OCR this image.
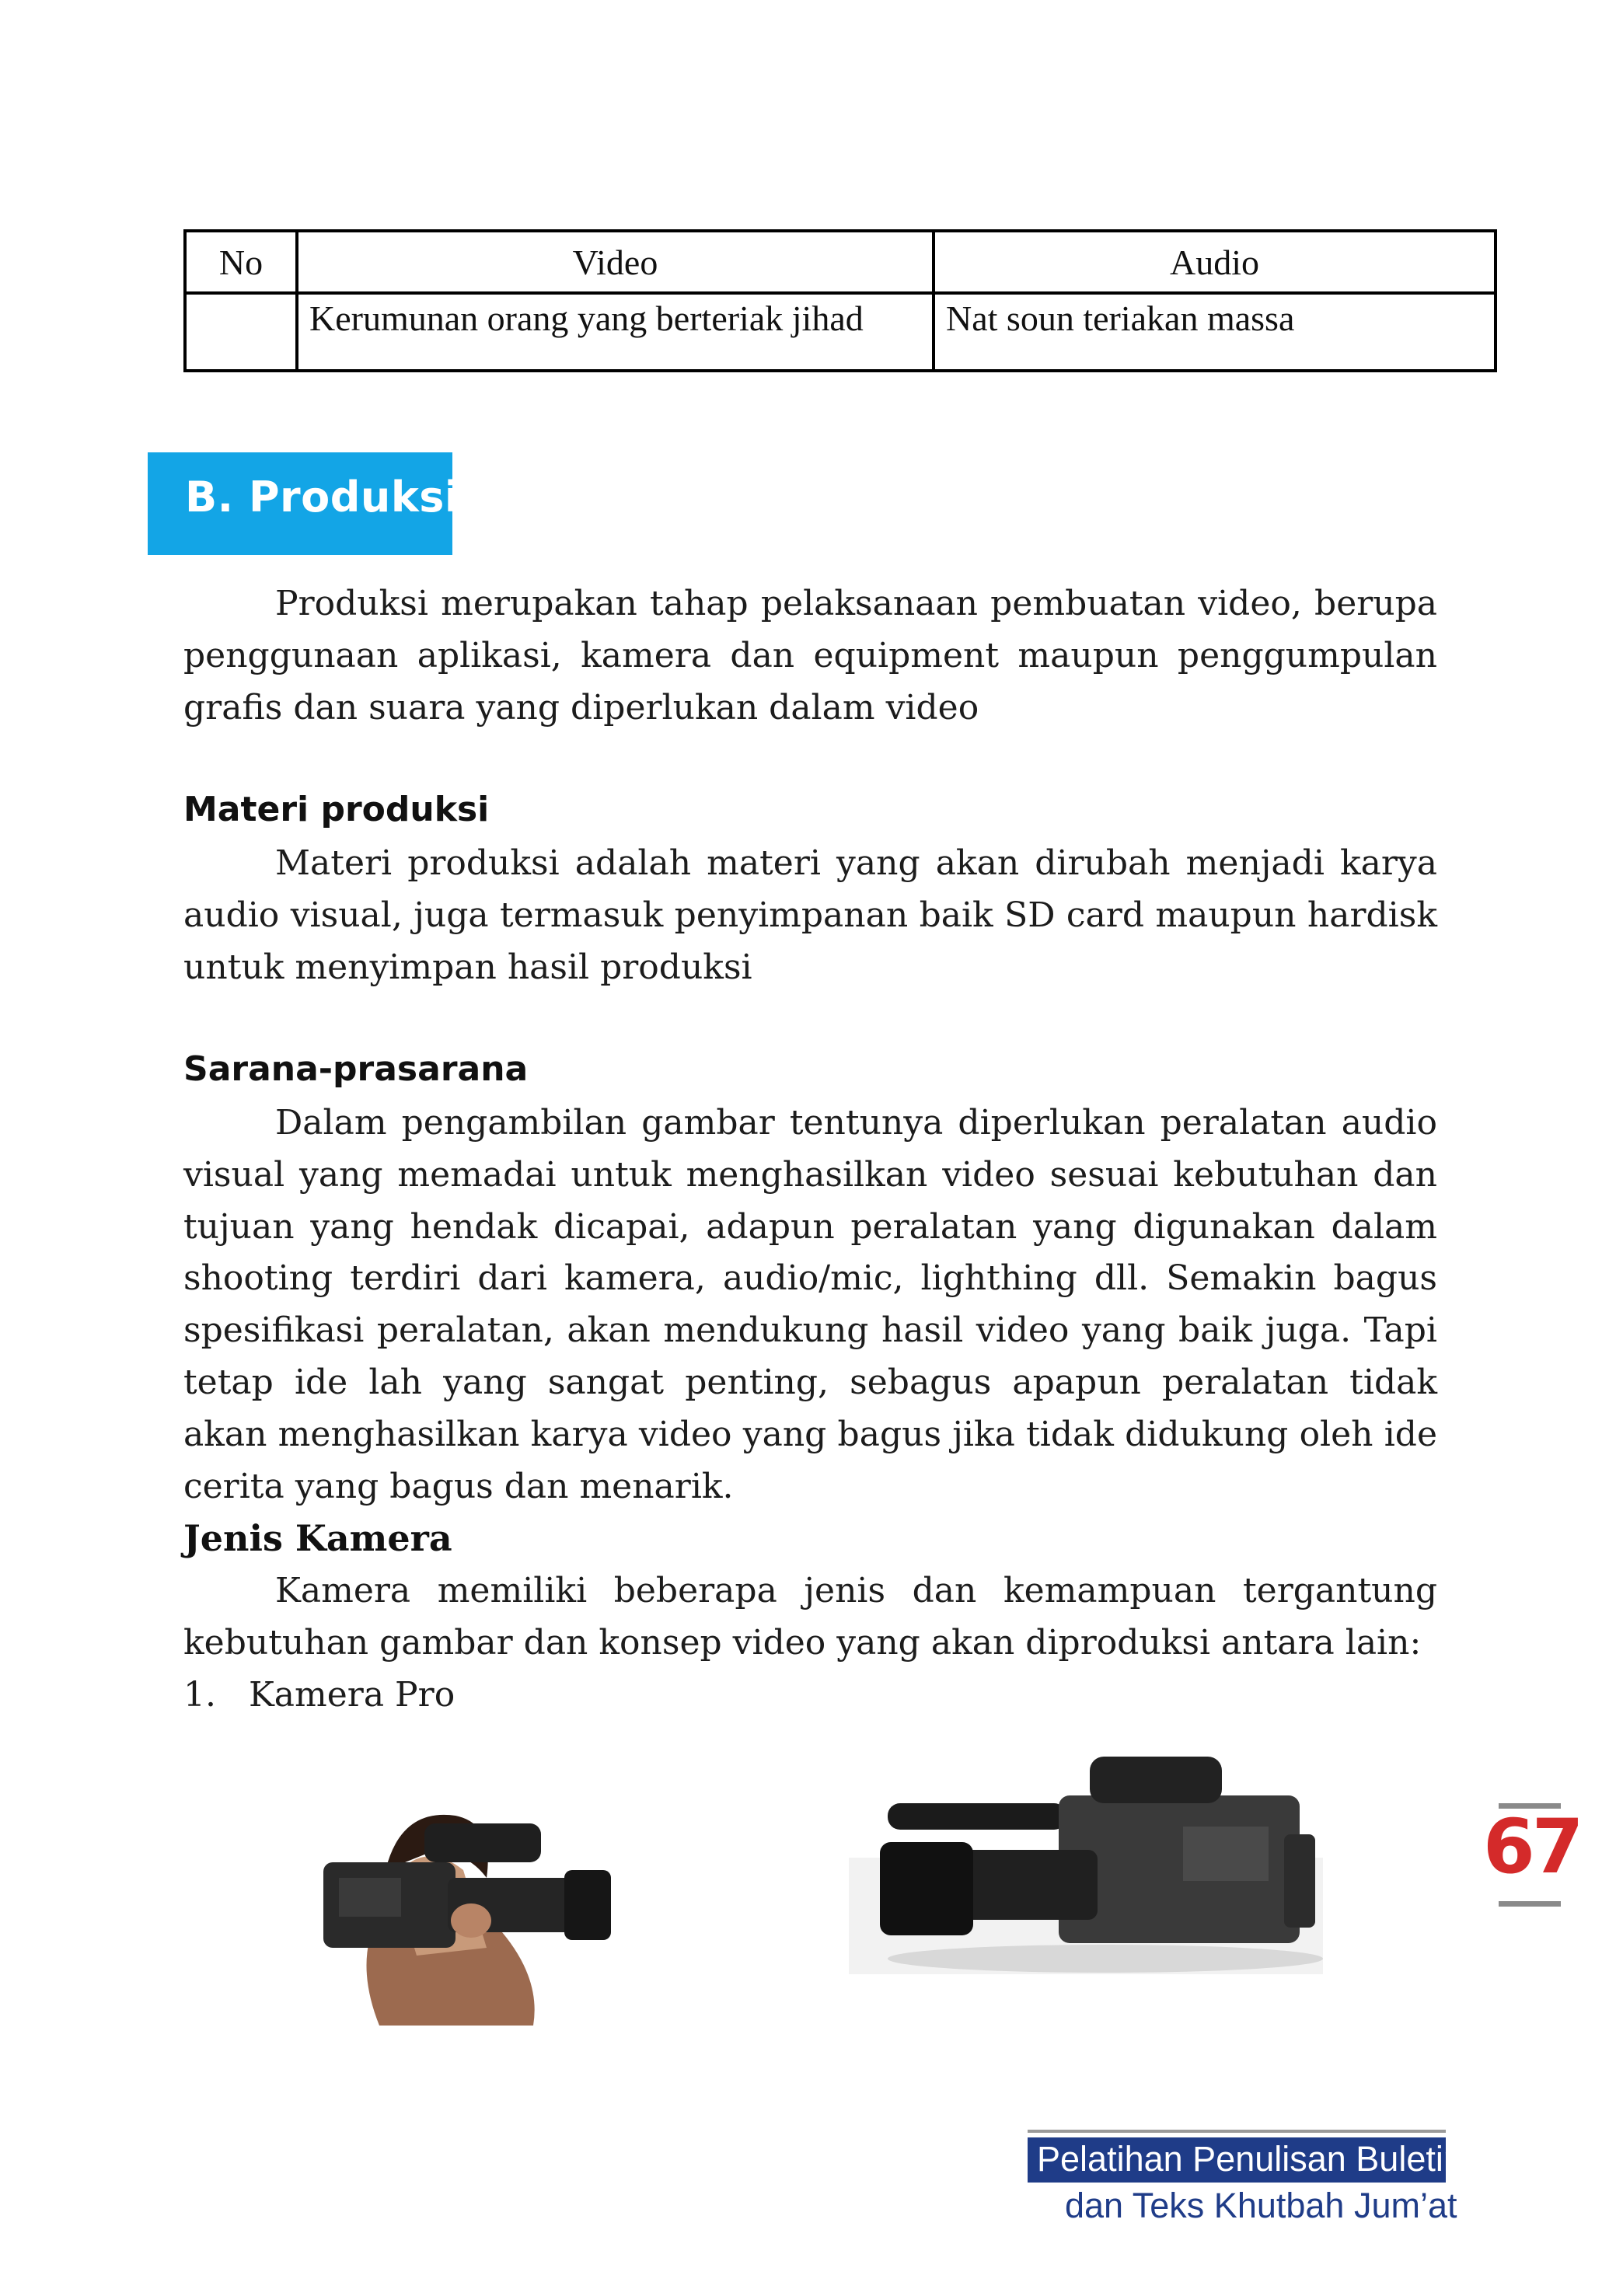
No	Video	Audio
	Kerumunan orang yang berteriak jihad	Nat soun teriakan massa
B. Produksi
Produksi merupakan tahap pelaksanaan pembuatan video, berupa penggunaan aplikasi, kamera dan equipment maupun penggumpulan grafis dan suara yang diperlukan dalam video
Materi produksi
Materi produksi adalah materi yang akan dirubah menjadi karya audio visual, juga termasuk penyimpanan baik SD card maupun hardisk untuk menyimpan hasil produksi
Sarana-prasarana
Dalam pengambilan gambar tentunya diperlukan peralatan audio visual yang memadai untuk menghasilkan video sesuai kebutuhan dan tujuan yang hendak dicapai, adapun peralatan yang digunakan dalam shooting terdiri dari kamera, audio/mic, lighthing dll. Semakin bagus spesifikasi peralatan, akan mendukung hasil video yang baik juga. Tapi tetap ide lah yang sangat penting, sebagus apapun peralatan tidak akan menghasilkan karya video yang bagus jika tidak didukung oleh ide cerita yang bagus dan menarik.
Jenis Kamera
Kamera memiliki beberapa jenis dan kemampuan tergantung kebutuhan gambar dan konsep video yang akan diproduksi antara lain:
1.   Kamera Pro
67
Pelatihan Penulisan Buletin
dan Teks Khutbah Jum’at
